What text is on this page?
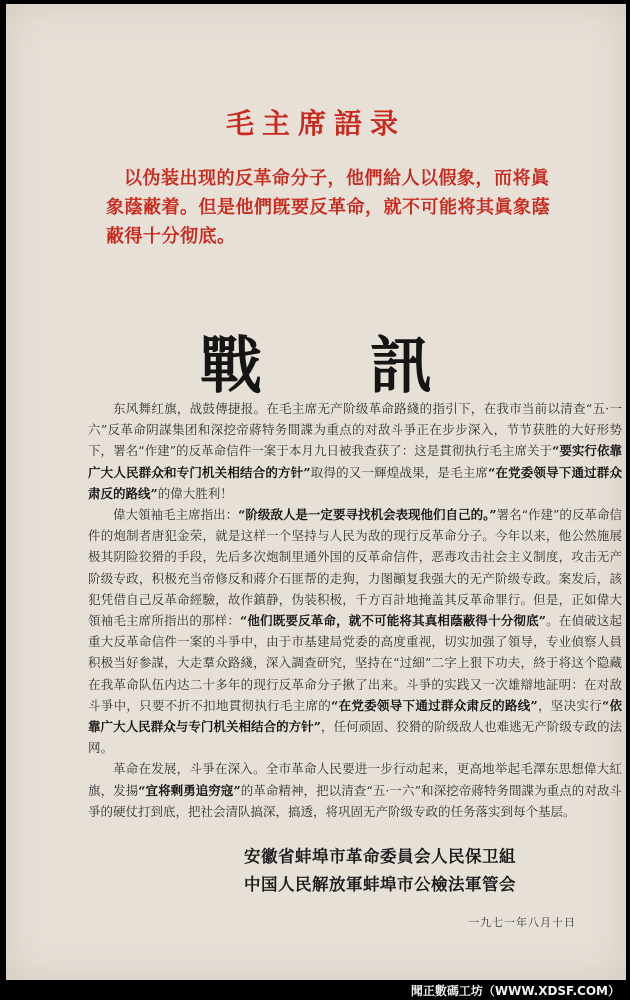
毛主席語录
以伪装出现的反革命分子，他們給人以假象，而将眞象蔭蔽着。但是他們旣要反革命，就不可能将其眞象蔭蔽得十分彻底。
戰訊

东风舞红旗，战鼓傳捷报。在毛主席无产阶级革命路綫的指引下，在我市当前以清查“五·一六”反革命阴謀集团和深挖帝蔣特务間諜为重点的对敌斗爭正在步步深入，节节获胜的大好形势下，署名“作建”的反革命信件一案于本月九日被我查获了：这是貫彻执行毛主席关于“要实行依靠广大人民群众和专门机关相结合的方针”取得的又一輝煌战果，是毛主席“在党委领导下通过群众肃反的路线”的偉大胜利！

偉大領袖毛主席指出：“阶级敌人是一定要寻找机会表现他们自己的。”署名“作建”的反革命信件的炮制者唐犯金荣，就是这样一个坚持与人民为敌的现行反革命分子。今年以来，他公然施展极其阴险狡猾的手段，先后多次炮制里通外国的反革命信件，恶毒攻击社会主义制度，攻击无产阶级专政，积极充当帝修反和蔣介石匪帮的走狗，力图顚复我强大的无产阶级专政。案发后，該犯凭借自己反革命經驗，故作鎮静，伪装积极，千方百計地掩盖其反革命罪行。但是，正如偉大領袖毛主席所指出的那样：“他们既要反革命，就不可能将其真相蔭蔽得十分彻底”。在偵破这起重大反革命信件一案的斗爭中，由于市基建局党委的高度重视，切实加强了領导，专业偵察人員积极当好参謀，大走羣众路綫，深入調查研究，坚持在“过細”二字上狠下功夫，終于将这个隐藏在我革命队伍内达二十多年的现行反革命分子揪了出来。斗爭的实践又一次雄辯地証明：在对敌斗爭中，只要不折不扣地貫彻执行毛主席的“在党委领导下通过群众肃反的路线”，坚决实行“依靠广大人民群众与专门机关相结合的方针”，任何顽固、狡猾的阶级敌人也难逃无产阶级专政的法网。

革命在发展，斗爭在深入。全市革命人民要进一步行动起来，更高地举起毛澤东思想偉大紅旗，发揚“宜将剩勇追穷寇”的革命精神，把以清查“五·一六”和深挖帝蔣特务間諜为重点的对敌斗爭的硬仗打到底，把社会清队搞深，搞透，将巩固无产阶级专政的任务落实到每个基层。

安徽省蚌埠市革命委員会人民保卫組
中国人民解放軍蚌埠市公檢法軍管会
一九七一年八月十日
聞正數碼工坊（WWW.XDSF.COM）
